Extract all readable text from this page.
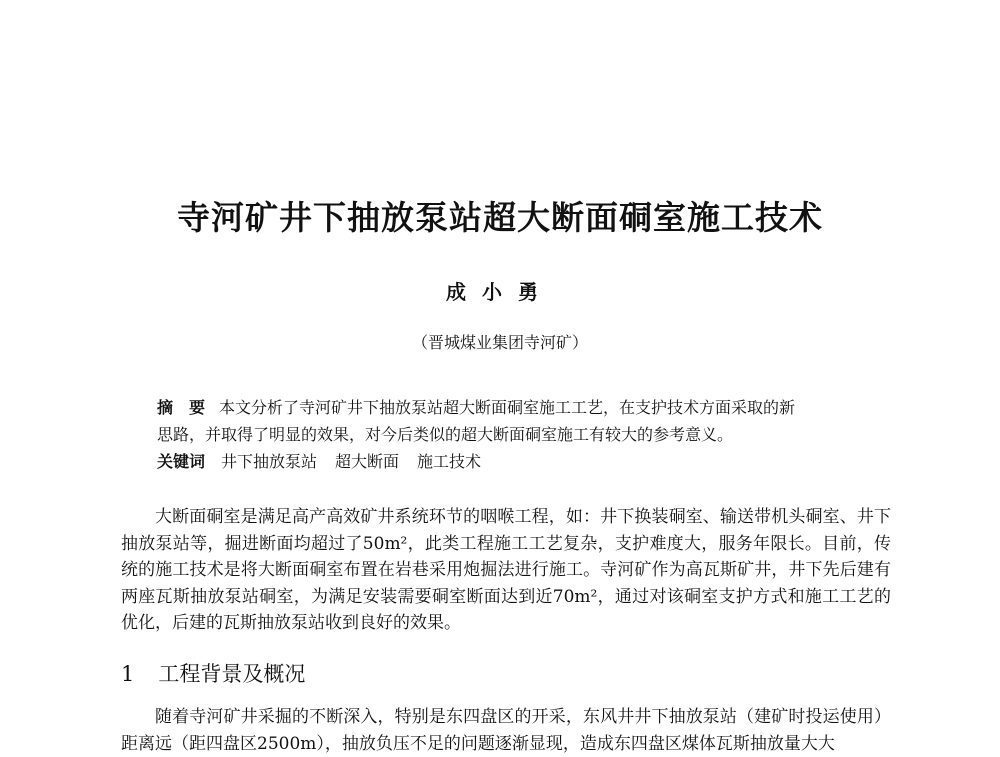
寺河矿井下抽放泵站超大断面硐室施工技术
成小勇
（晋城煤业集团寺河矿）
摘　要 本文分析了寺河矿井下抽放泵站超大断面硐室施工工艺，在支护技术方面采取的新
思路，并取得了明显的效果，对今后类似的超大断面硐室施工有较大的参考意义。
关键词 井下抽放泵站 超大断面 施工技术

大断面硐室是满足高产高效矿井系统环节的咽喉工程，如：井下换装硐室、输送带机头硐室、井下抽放泵站等，掘进断面均超过了50m²，此类工程施工工艺复杂，支护难度大，服务年限长。目前，传统的施工技术是将大断面硐室布置在岩巷采用炮掘法进行施工。寺河矿作为高瓦斯矿井，井下先后建有两座瓦斯抽放泵站硐室，为满足安装需要硐室断面达到近70m²，通过对该硐室支护方式和施工工艺的优化，后建的瓦斯抽放泵站收到良好的效果。

1 工程背景及概况

随着寺河矿井采掘的不断深入，特别是东四盘区的开采，东风井井下抽放泵站（建矿时投运使用）距离远（距四盘区2500m），抽放负压不足的问题逐渐显现，造成东四盘区煤体瓦斯抽放量大大
